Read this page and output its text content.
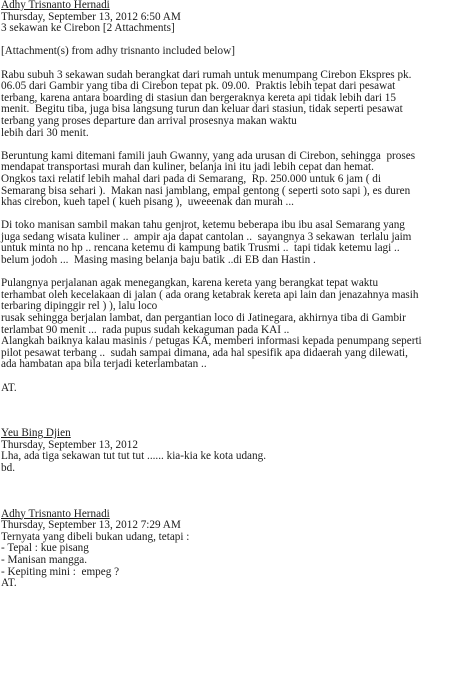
Adhy Trisnanto Hernadi
Thursday, September 13, 2012 6:50 AM
3 sekawan ke Cirebon [2 Attachments]
[Attachment(s) from adhy trisnanto included below]
Rabu subuh 3 sekawan sudah berangkat dari rumah untuk menumpang Cirebon Ekspres pk.
06.05 dari Gambir yang tiba di Cirebon tepat pk. 09.00.  Praktis lebih tepat dari pesawat
terbang, karena antara boarding di stasiun dan bergeraknya kereta api tidak lebih dari 15
menit.  Begitu tiba, juga bisa langsung turun dan keluar dari stasiun, tidak seperti pesawat
terbang yang proses departure dan arrival prosesnya makan waktu
lebih dari 30 menit.
Beruntung kami ditemani famili jauh Gwanny, yang ada urusan di Cirebon, sehingga  proses
mendapat transportasi murah dan kuliner, belanja ini itu jadi lebih cepat dan hemat.
Ongkos taxi relatif lebih mahal dari pada di Semarang,  Rp. 250.000 untuk 6 jam ( di
Semarang bisa sehari ).  Makan nasi jamblang, empal gentong ( seperti soto sapi ), es duren
khas cirebon, kueh tapel ( kueh pisang ),  uweeenak dan murah ...
Di toko manisan sambil makan tahu genjrot, ketemu beberapa ibu ibu asal Semarang yang
juga sedang wisata kuliner ..  ampir aja dapat cantolan ..  sayangnya 3 sekawan  terlalu jaim
untuk minta no hp .. rencana ketemu di kampung batik Trusmi ..  tapi tidak ketemu lagi ..
belum jodoh ...  Masing masing belanja baju batik ..di EB dan Hastin .
Pulangnya perjalanan agak menegangkan, karena kereta yang berangkat tepat waktu
terhambat oleh kecelakaan di jalan ( ada orang ketabrak kereta api lain dan jenazahnya masih
terbaring dipinggir rel ) ), lalu loco
rusak sehingga berjalan lambat, dan pergantian loco di Jatinegara, akhirnya tiba di Gambir
terlambat 90 menit ...  rada pupus sudah kekaguman pada KAI ..
Alangkah baiknya kalau masinis / petugas KA, memberi informasi kepada penumpang seperti
pilot pesawat terbang ..  sudah sampai dimana, ada hal spesifik apa didaerah yang dilewati,
ada hambatan apa bila terjadi keterlambatan ..
AT.
Yeu Bing Djien
Thursday, September 13, 2012
Lha, ada tiga sekawan tut tut tut ...... kia-kia ke kota udang.
bd.
Adhy Trisnanto Hernadi
Thursday, September 13, 2012 7:29 AM
Ternyata yang dibeli bukan udang, tetapi :
- Tepal : kue pisang
- Manisan mangga.
- Kepiting mini :  empeg ?
AT.
